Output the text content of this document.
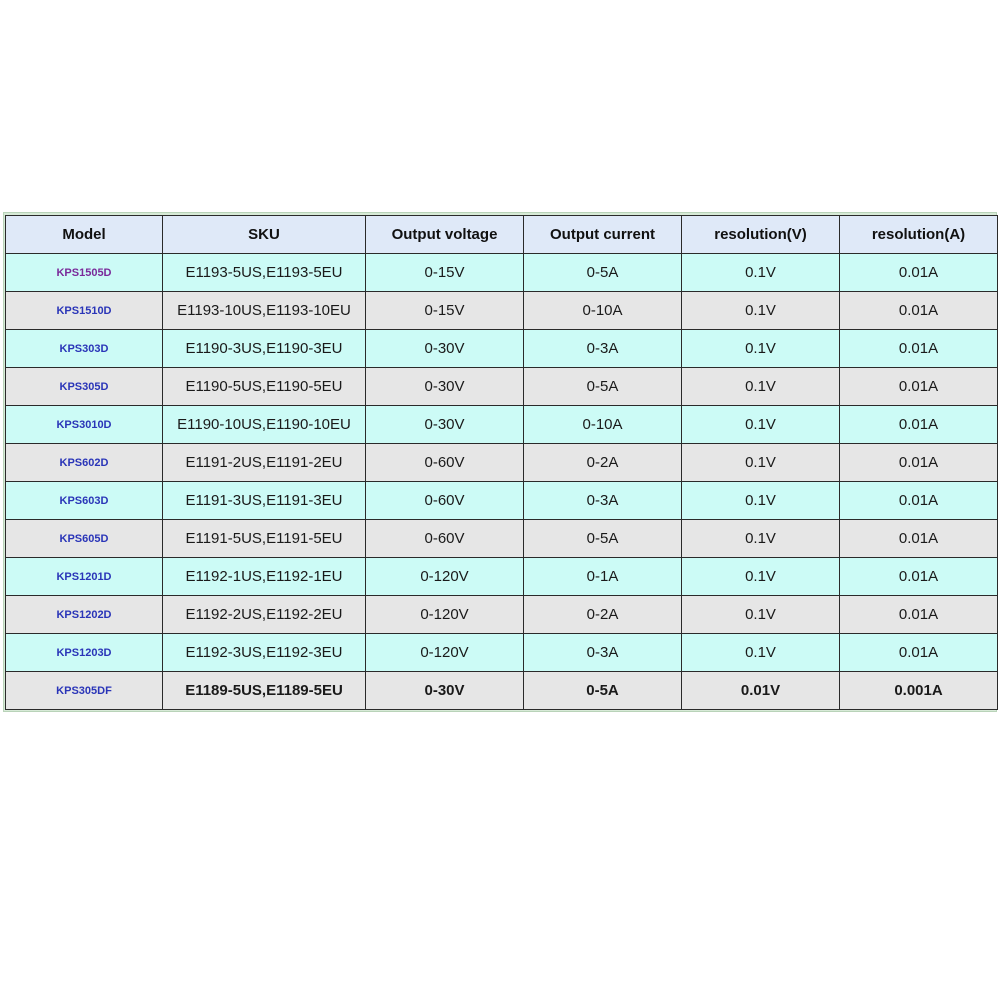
Model	SKU	Output voltage	Output current	resolution(V)	resolution(A)
KPS1505D	E1193-5US,E1193-5EU	0-15V	0-5A	0.1V	0.01A
KPS1510D	E1193-10US,E1193-10EU	0-15V	0-10A	0.1V	0.01A
KPS303D	E1190-3US,E1190-3EU	0-30V	0-3A	0.1V	0.01A
KPS305D	E1190-5US,E1190-5EU	0-30V	0-5A	0.1V	0.01A
KPS3010D	E1190-10US,E1190-10EU	0-30V	0-10A	0.1V	0.01A
KPS602D	E1191-2US,E1191-2EU	0-60V	0-2A	0.1V	0.01A
KPS603D	E1191-3US,E1191-3EU	0-60V	0-3A	0.1V	0.01A
KPS605D	E1191-5US,E1191-5EU	0-60V	0-5A	0.1V	0.01A
KPS1201D	E1192-1US,E1192-1EU	0-120V	0-1A	0.1V	0.01A
KPS1202D	E1192-2US,E1192-2EU	0-120V	0-2A	0.1V	0.01A
KPS1203D	E1192-3US,E1192-3EU	0-120V	0-3A	0.1V	0.01A
KPS305DF	E1189-5US,E1189-5EU	0-30V	0-5A	0.01V	0.001A
